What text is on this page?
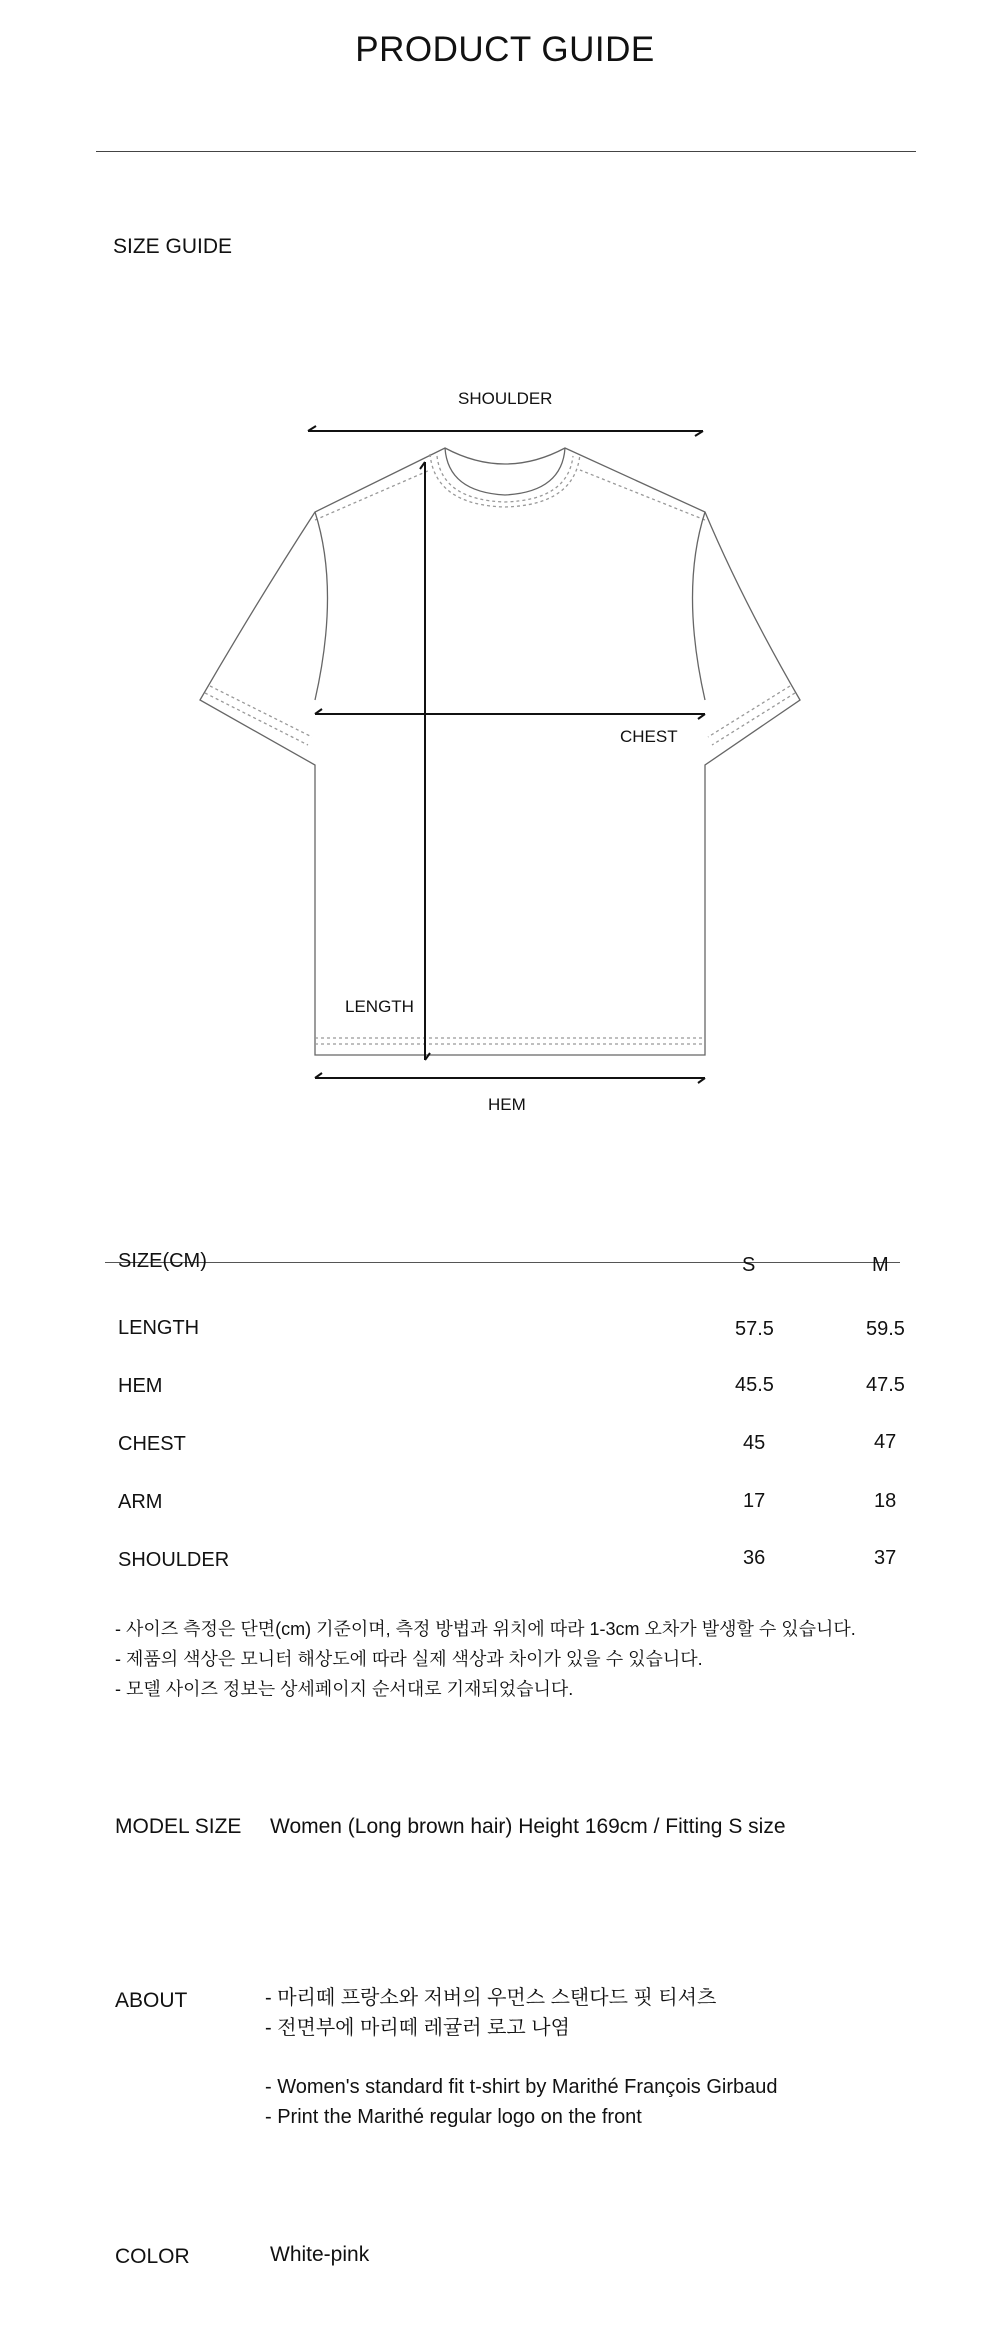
PRODUCT GUIDE
SIZE GUIDE
SHOULDER
CHEST
LENGTH
HEM
SIZE(CM)	S	M
LENGTH	57.5	59.5
HEM	45.5	47.5
CHEST	45	47
ARM	17	18
SHOULDER	36	37
- 사이즈 측정은 단면(cm) 기준이며, 측정 방법과 위치에 따라 1-3cm 오차가 발생할 수 있습니다.
- 제품의 색상은 모니터 해상도에 따라 실제 색상과 차이가 있을 수 있습니다.
- 모델 사이즈 정보는 상세페이지 순서대로 기재되었습니다.
MODEL SIZE Women (Long brown hair) Height 169cm / Fitting S size
ABOUT	- 마리떼 프랑소와 저버의 우먼스 스탠다드 핏 티셔츠
- 전면부에 마리떼 레귤러 로고 나염
- Women's standard fit t-shirt by Marithé François Girbaud
- Print the Marithé regular logo on the front
COLOR	White-pink
